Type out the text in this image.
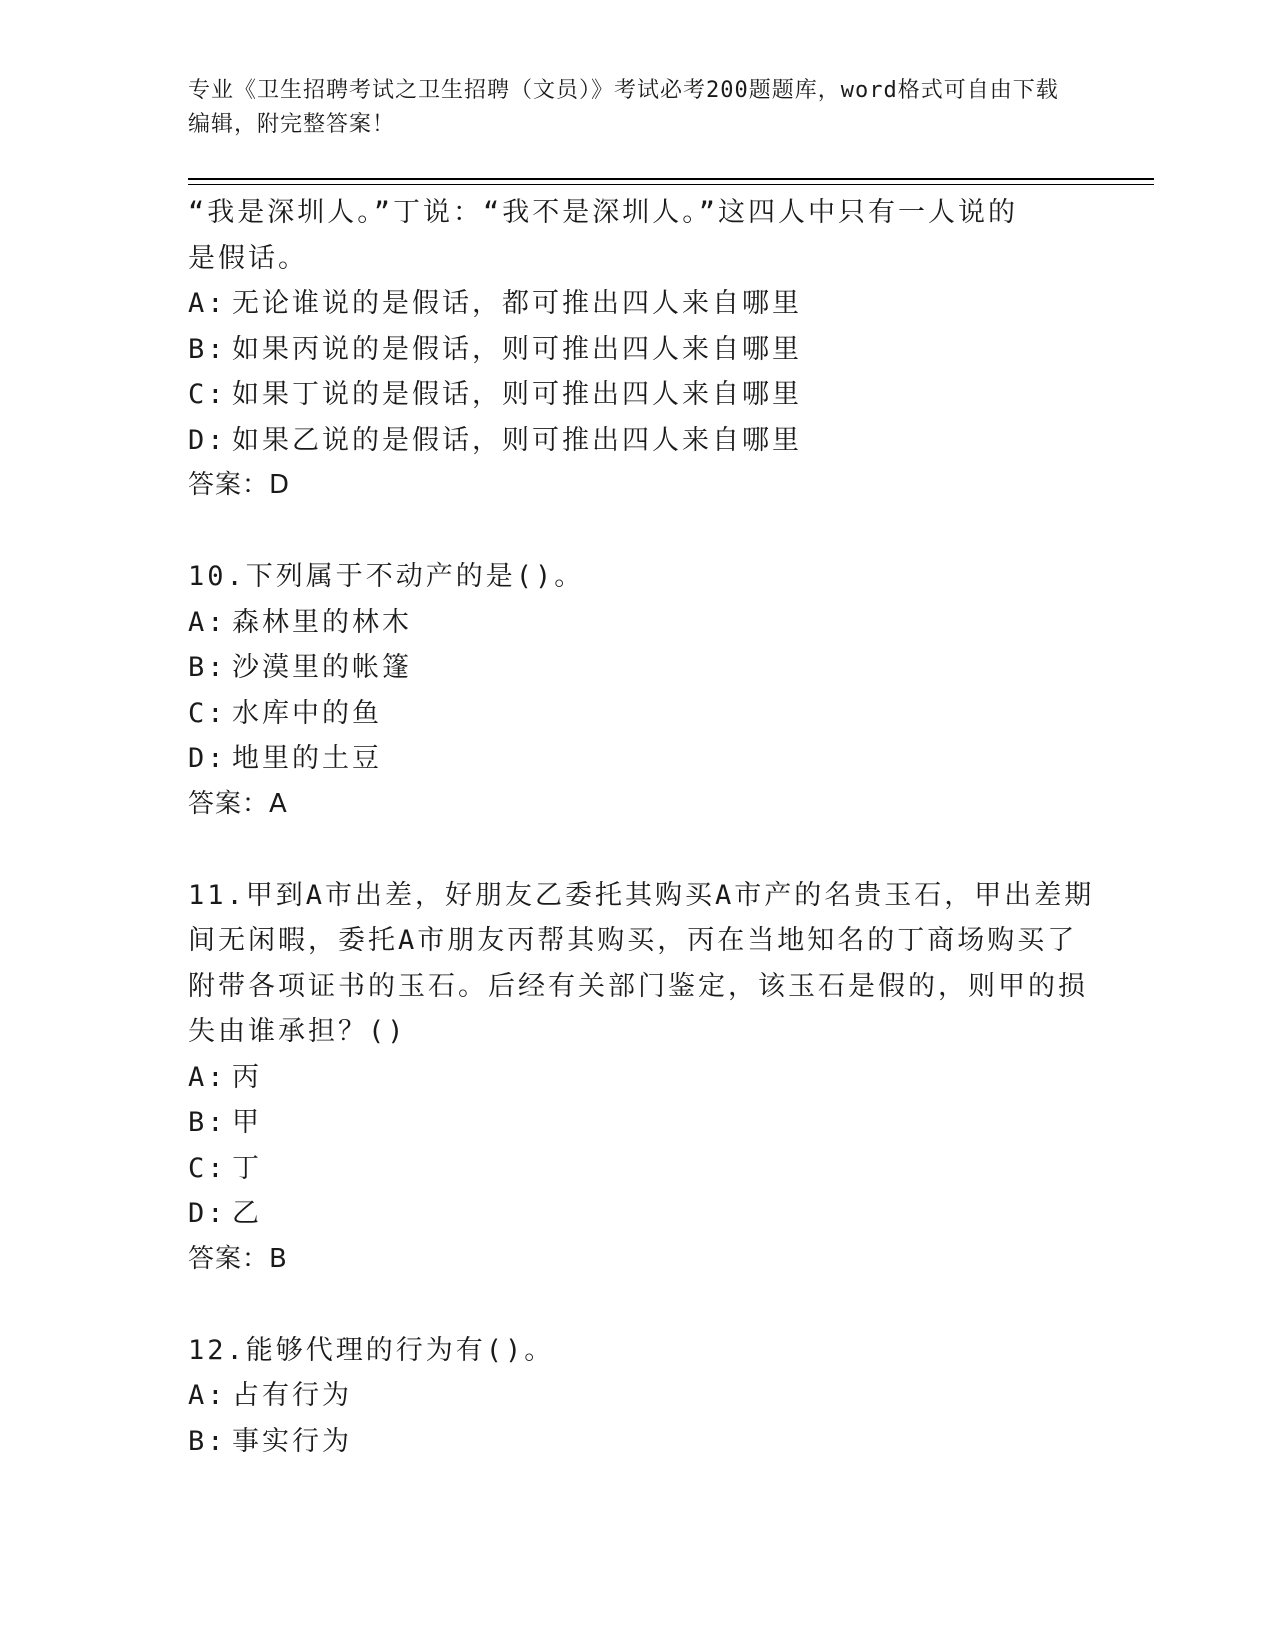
专业《卫生招聘考试之卫生招聘（文员）》考试必考200题题库，word格式可自由下载编辑，附完整答案！
“我是深圳人。”丁说：“我不是深圳人。”这四人中只有一人说的
是假话。
A: 无论谁说的是假话，都可推出四人来自哪里
B: 如果丙说的是假话，则可推出四人来自哪里
C: 如果丁说的是假话，则可推出四人来自哪里
D: 如果乙说的是假话，则可推出四人来自哪里
答案：D
10.下列属于不动产的是()。
A: 森林里的林木
B: 沙漠里的帐篷
C: 水库中的鱼
D: 地里的土豆
答案：A
11.甲到A市出差，好朋友乙委托其购买A市产的名贵玉石，甲出差期
间无闲暇，委托A市朋友丙帮其购买，丙在当地知名的丁商场购买了
附带各项证书的玉石。后经有关部门鉴定，该玉石是假的，则甲的损
失由谁承担？()
A: 丙
B: 甲
C: 丁
D: 乙
答案：B
12.能够代理的行为有()。
A: 占有行为
B: 事实行为
